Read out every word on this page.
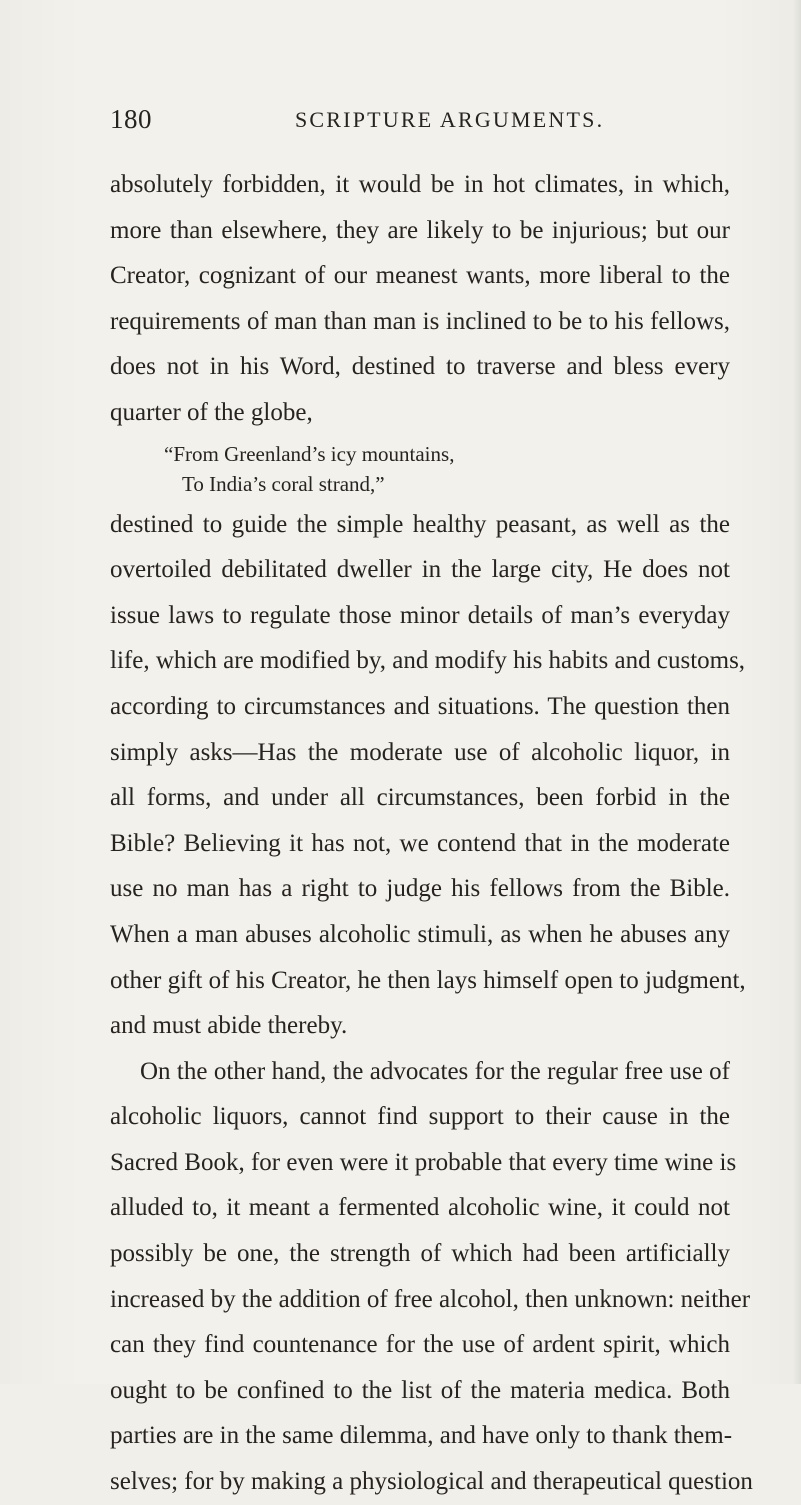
180	SCRIPTURE ARGUMENTS.
absolutely forbidden, it would be in hot climates, in which,
more than elsewhere, they are likely to be injurious; but our
Creator, cognizant of our meanest wants, more liberal to the
requirements of man than man is inclined to be to his fellows,
does not in his Word, destined to traverse and bless every
quarter of the globe,
“From Greenland’s icy mountains,
To India’s coral strand,”
destined to guide the simple healthy peasant, as well as the
overtoiled debilitated dweller in the large city, He does not
issue laws to regulate those minor details of man’s everyday
life, which are modified by, and modify his habits and customs,
according to circumstances and situations. The question then
simply asks—Has the moderate use of alcoholic liquor, in
all forms, and under all circumstances, been forbid in the
Bible? Believing it has not, we contend that in the moderate
use no man has a right to judge his fellows from the Bible.
When a man abuses alcoholic stimuli, as when he abuses any
other gift of his Creator, he then lays himself open to judgment,
and must abide thereby.
On the other hand, the advocates for the regular free use of
alcoholic liquors, cannot find support to their cause in the
Sacred Book, for even were it probable that every time wine is
alluded to, it meant a fermented alcoholic wine, it could not
possibly be one, the strength of which had been artificially
increased by the addition of free alcohol, then unknown: neither
can they find countenance for the use of ardent spirit, which
ought to be confined to the list of the materia medica. Both
parties are in the same dilemma, and have only to thank them-
selves; for by making a physiological and therapeutical question
